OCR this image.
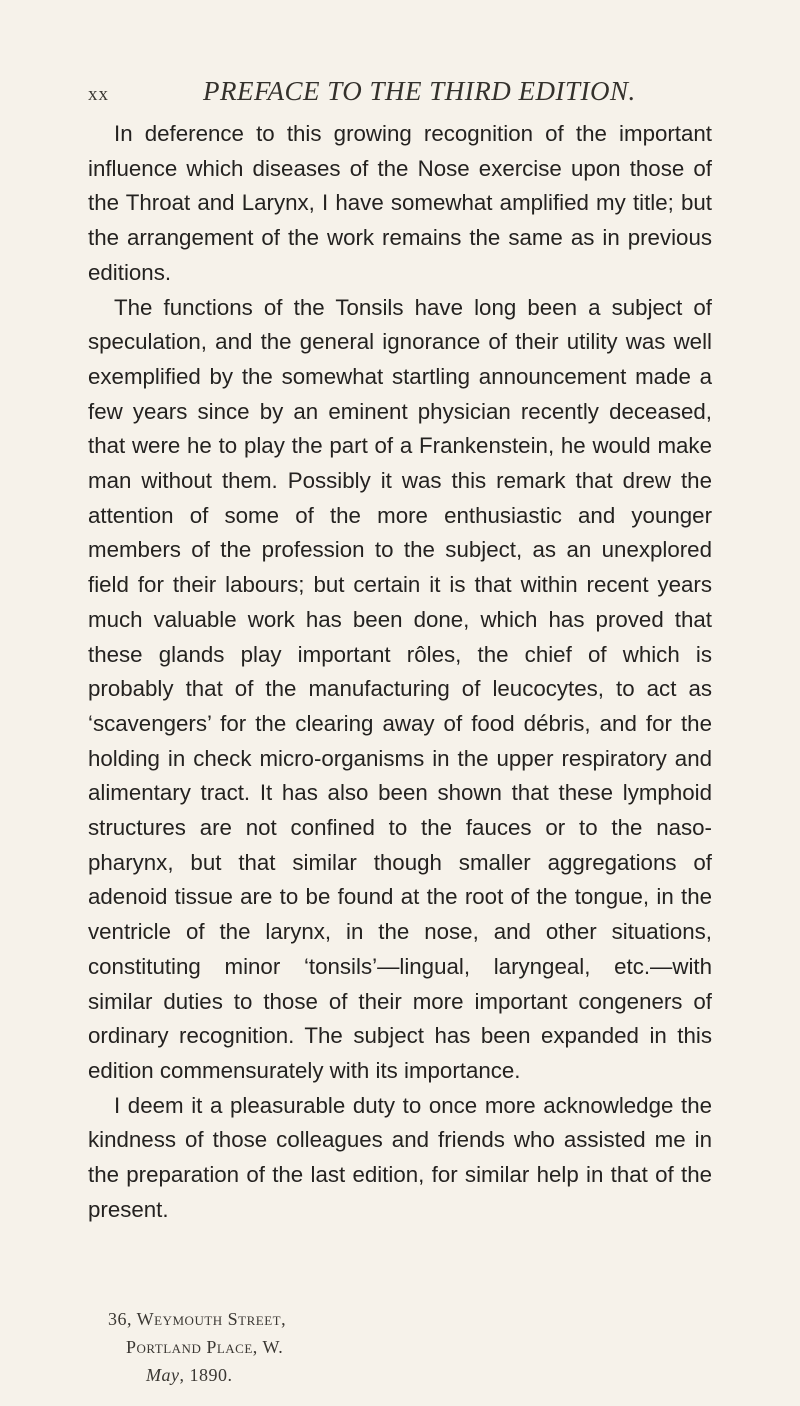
xx	PREFACE TO THE THIRD EDITION.

In deference to this growing recognition of the important influence which diseases of the Nose exercise upon those of the Throat and Larynx, I have somewhat amplified my title; but the arrangement of the work remains the same as in previous editions.

The functions of the Tonsils have long been a subject of speculation, and the general ignorance of their utility was well exemplified by the somewhat startling announcement made a few years since by an eminent physician recently deceased, that were he to play the part of a Frankenstein, he would make man without them. Possibly it was this remark that drew the attention of some of the more enthusiastic and younger members of the profession to the subject, as an unexplored field for their labours; but certain it is that within recent years much valuable work has been done, which has proved that these glands play important rôles, the chief of which is probably that of the manufacturing of leucocytes, to act as ‘scavengers’ for the clearing away of food débris, and for the holding in check micro-organisms in the upper respiratory and alimentary tract. It has also been shown that these lymphoid structures are not confined to the fauces or to the naso-pharynx, but that similar though smaller aggregations of adenoid tissue are to be found at the root of the tongue, in the ventricle of the larynx, in the nose, and other situations, constituting minor ‘tonsils’—lingual, laryngeal, etc.—with similar duties to those of their more important congeners of ordinary recognition. The subject has been expanded in this edition commensurately with its importance.

I deem it a pleasurable duty to once more acknowledge the kindness of those colleagues and friends who assisted me in the preparation of the last edition, for similar help in that of the present.

36, Weymouth Street,
Portland Place, W.
May, 1890.
